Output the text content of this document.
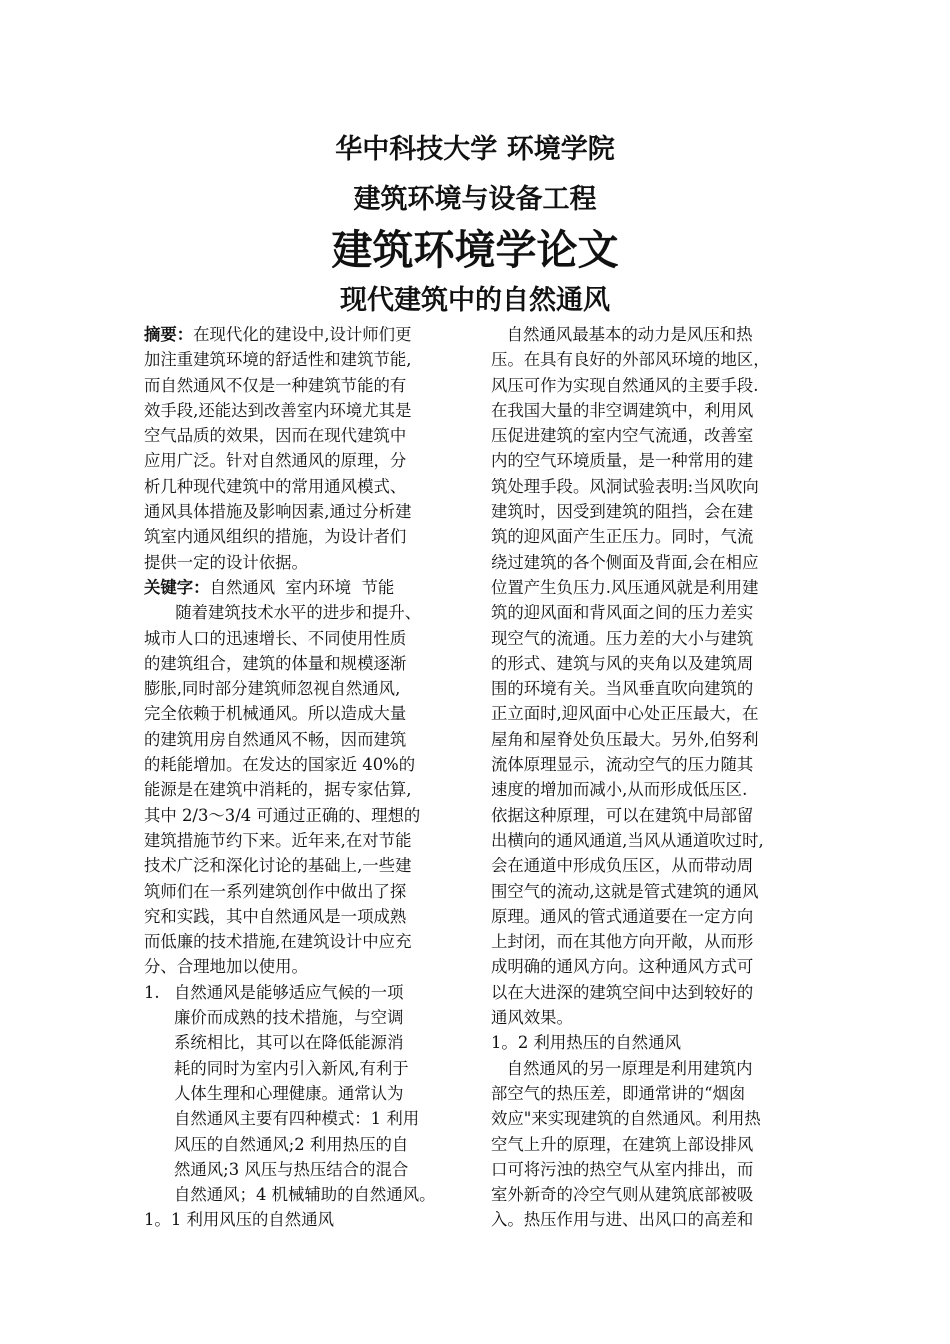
华中科技大学 环境学院
建筑环境与设备工程
建筑环境学论文
现代建筑中的自然通风
摘要：在现代化的建设中,设计师们更
加注重建筑环境的舒适性和建筑节能,
而自然通风不仅是一种建筑节能的有
效手段,还能达到改善室内环境尤其是
空气品质的效果，因而在现代建筑中
应用广泛。针对自然通风的原理，分
析几种现代建筑中的常用通风模式、
通风具体措施及影响因素,通过分析建
筑室内通风组织的措施，为设计者们
提供一定的设计依据。
关键字：自然通风  室内环境  节能
随着建筑技术水平的进步和提升、
城市人口的迅速增长、不同使用性质
的建筑组合，建筑的体量和规模逐渐
膨胀,同时部分建筑师忽视自然通风,
完全依赖于机械通风。所以造成大量
的建筑用房自然通风不畅，因而建筑
的耗能增加。在发达的国家近 40%的
能源是在建筑中消耗的，据专家估算,
其中 2/3～3/4 可通过正确的、理想的
建筑措施节约下来。近年来,在对节能
技术广泛和深化讨论的基础上,一些建
筑师们在一系列建筑创作中做出了探
究和实践，其中自然通风是一项成熟
而低廉的技术措施,在建筑设计中应充
分、合理地加以使用。
1. 自然通风是能够适应气候的一项
廉价而成熟的技术措施，与空调
系统相比，其可以在降低能源消
耗的同时为室内引入新风,有利于
人体生理和心理健康。通常认为
自然通风主要有四种模式：1 利用
风压的自然通风;2 利用热压的自
然通风;3 风压与热压结合的混合
自然通风；4 机械辅助的自然通风。
1。1 利用风压的自然通风
自然通风最基本的动力是风压和热
压。在具有良好的外部风环境的地区，
风压可作为实现自然通风的主要手段.
在我国大量的非空调建筑中，利用风
压促进建筑的室内空气流通，改善室
内的空气环境质量，是一种常用的建
筑处理手段。风洞试验表明:当风吹向
建筑时，因受到建筑的阻挡，会在建
筑的迎风面产生正压力。同时，气流
绕过建筑的各个侧面及背面,会在相应
位置产生负压力.风压通风就是利用建
筑的迎风面和背风面之间的压力差实
现空气的流通。压力差的大小与建筑
的形式、建筑与风的夹角以及建筑周
围的环境有关。当风垂直吹向建筑的
正立面时,迎风面中心处正压最大，在
屋角和屋脊处负压最大。另外,伯努利
流体原理显示，流动空气的压力随其
速度的增加而减小,从而形成低压区.
依据这种原理，可以在建筑中局部留
出横向的通风通道,当风从通道吹过时,
会在通道中形成负压区，从而带动周
围空气的流动,这就是管式建筑的通风
原理。通风的管式通道要在一定方向
上封闭，而在其他方向开敞，从而形
成明确的通风方向。这种通风方式可
以在大进深的建筑空间中达到较好的
通风效果。
1。2 利用热压的自然通风
自然通风的另一原理是利用建筑内
部空气的热压差，即通常讲的“烟囱
效应"来实现建筑的自然通风。利用热
空气上升的原理，在建筑上部设排风
口可将污浊的热空气从室内排出，而
室外新奇的冷空气则从建筑底部被吸
入。热压作用与进、出风口的高差和
